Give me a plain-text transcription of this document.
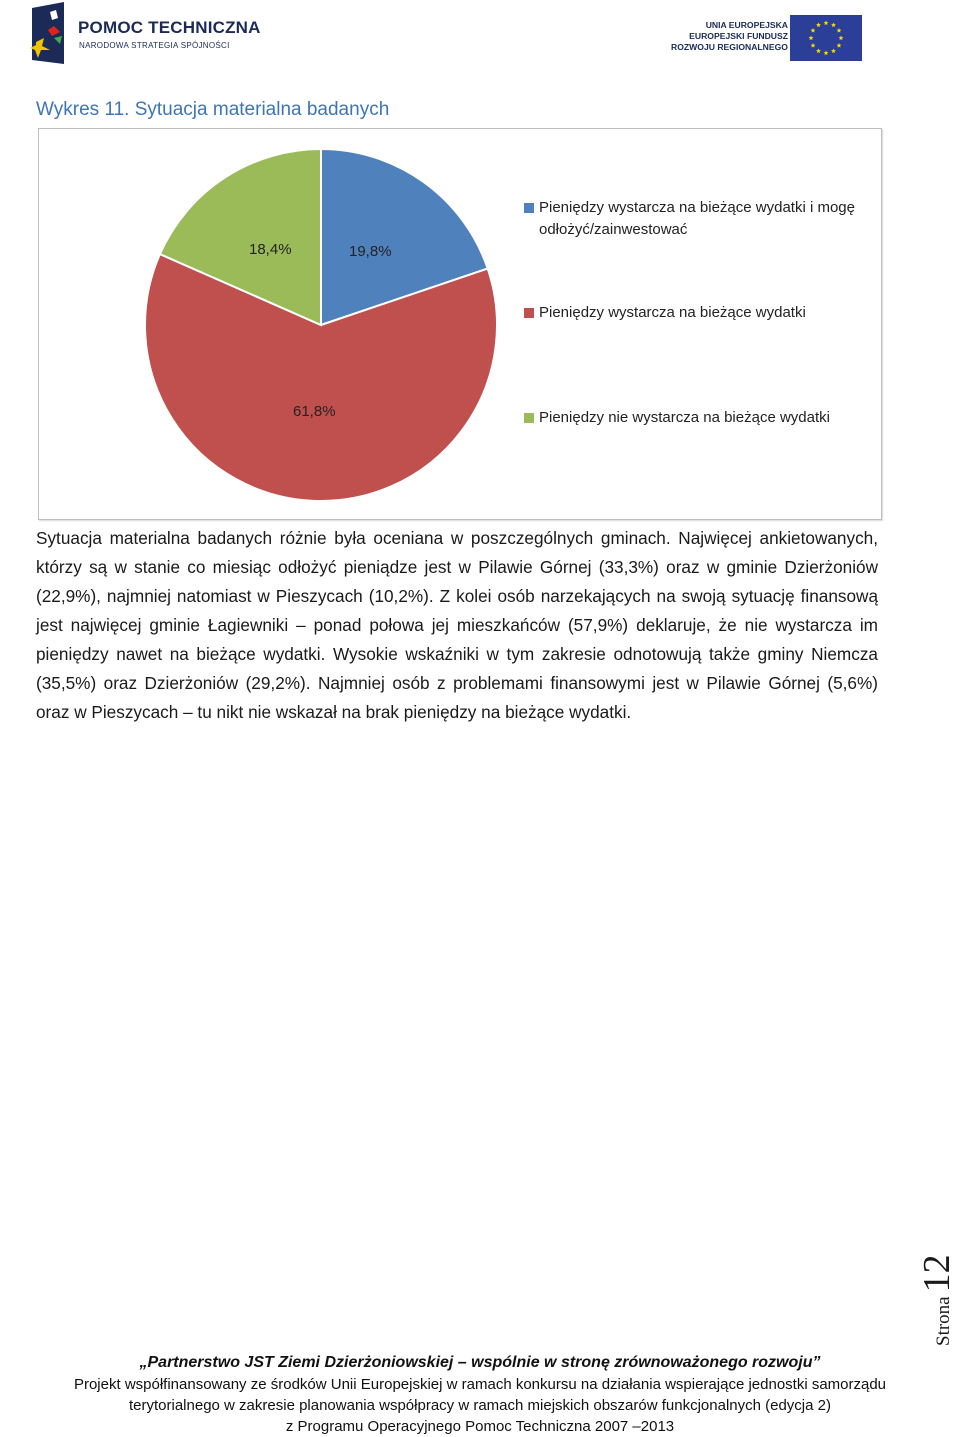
POMOC TECHNICZNA
NARODOWA STRATEGIA SPÓJNOŚCI
UNIA EUROPEJSKA
EUROPEJSKI FUNDUSZ
ROZWOJU REGIONALNEGO
Wykres 11. Sytuacja materialna badanych
19,8%
61,8%
18,4%
Pieniędzy wystarcza na bieżące wydatki i mogę odłożyć/zainwestować
Pieniędzy wystarcza na bieżące wydatki
Pieniędzy nie wystarcza na bieżące wydatki
Sytuacja materialna badanych różnie była oceniana w poszczególnych gminach. Najwięcej ankietowanych, którzy są w stanie co miesiąc odłożyć pieniądze jest w Pilawie Górnej (33,3%) oraz w gminie Dzierżoniów (22,9%), najmniej natomiast w Pieszycach (10,2%). Z kolei osób narzekających na swoją sytuację finansową jest najwięcej gminie Łagiewniki – ponad połowa jej mieszkańców (57,9%) deklaruje, że nie wystarcza im pieniędzy nawet na bieżące wydatki. Wysokie wskaźniki w tym zakresie odnotowują także gminy Niemcza (35,5%) oraz Dzierżoniów (29,2%). Najmniej osób z problemami finansowymi jest w Pilawie Górnej (5,6%) oraz w Pieszycach – tu nikt nie wskazał na brak pieniędzy na bieżące wydatki.
Strona12
„Partnerstwo JST Ziemi Dzierżoniowskiej – wspólnie w stronę zrównoważonego rozwoju”
Projekt współfinansowany ze środków Unii Europejskiej w ramach konkursu na działania wspierające jednostki samorządu
terytorialnego w zakresie planowania współpracy w ramach miejskich obszarów funkcjonalnych (edycja 2)
z Programu Operacyjnego Pomoc Techniczna 2007 –2013
